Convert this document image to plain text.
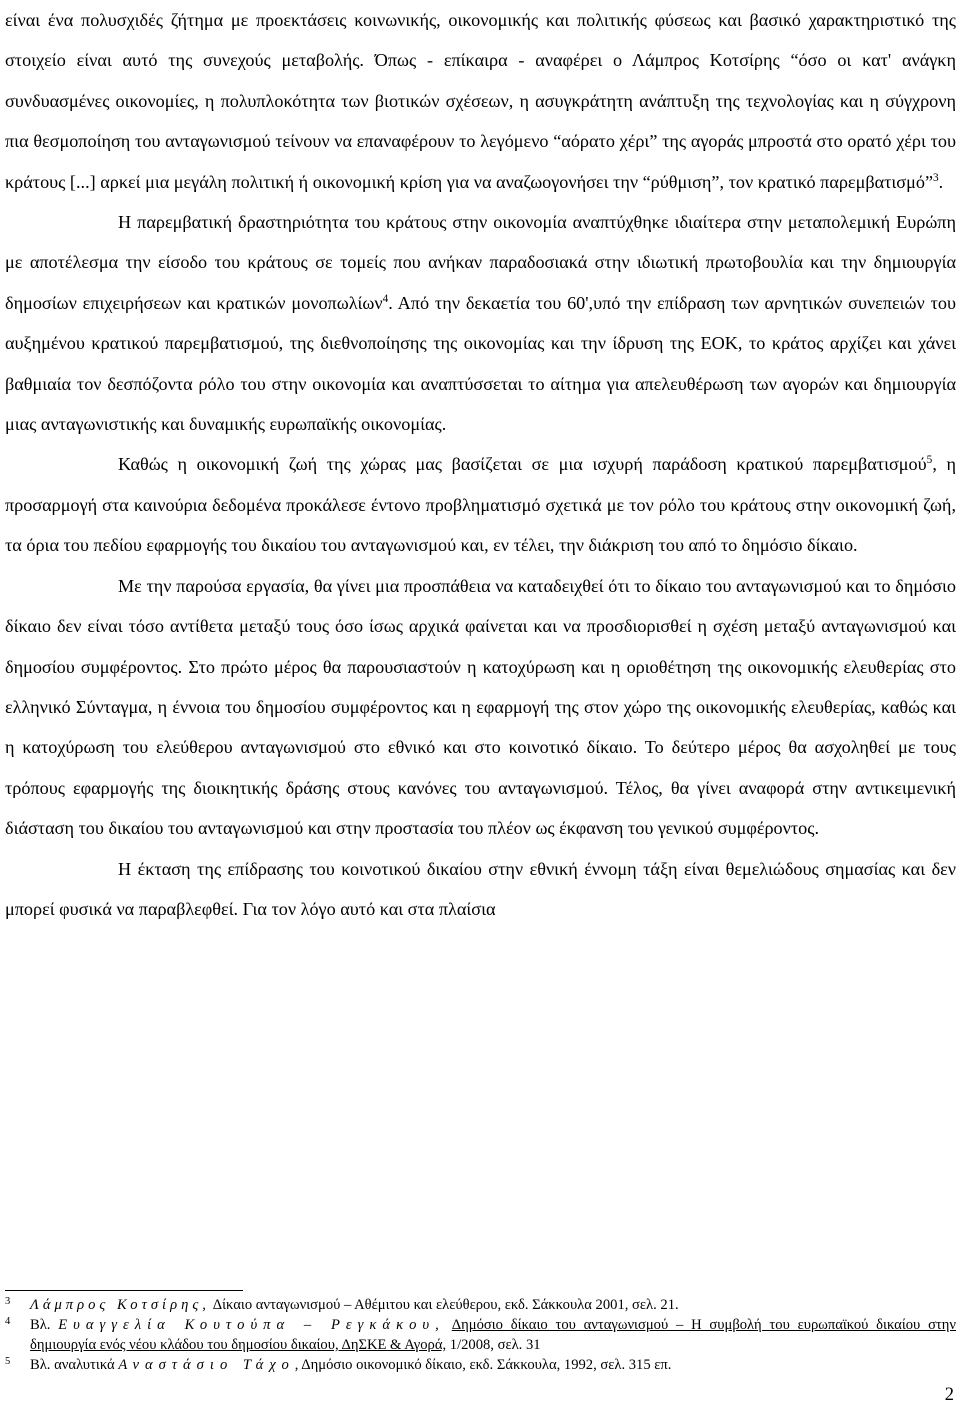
είναι ένα πολυσχιδές ζήτημα με προεκτάσεις κοινωνικής, οικονομικής και πολιτικής φύσεως και βασικό χαρακτηριστικό της στοιχείο είναι αυτό της συνεχούς μεταβολής. Όπως - επίκαιρα - αναφέρει ο Λάμπρος Κοτσίρης “όσο οι κατ' ανάγκη συνδυασμένες οικονομίες, η πολυπλοκότητα των βιοτικών σχέσεων, η ασυγκράτητη ανάπτυξη της τεχνολογίας και η σύγχρονη πια θεσμοποίηση του ανταγωνισμού τείνουν να επαναφέρουν το λεγόμενο “αόρατο χέρι” της αγοράς μπροστά στο ορατό χέρι του κράτους [...] αρκεί μια μεγάλη πολιτική ή οικονομική κρίση για να αναζωογονήσει την “ρύθμιση”, τον κρατικό παρεμβατισμό”$^3$.

Η παρεμβατική δραστηριότητα του κράτους στην οικονομία αναπτύχθηκε ιδιαίτερα στην μεταπολεμική Ευρώπη με αποτέλεσμα την είσοδο του κράτους σε τομείς που ανήκαν παραδοσιακά στην ιδιωτική πρωτοβουλία και την δημιουργία δημοσίων επιχειρήσεων και κρατικών μονοπωλίων$^4$. Από την δεκαετία του 60',υπό την επίδραση των αρνητικών συνεπειών του αυξημένου κρατικού παρεμβατισμού, της διεθνοποίησης της οικονομίας και την ίδρυση της ΕΟΚ, το κράτος αρχίζει και χάνει βαθμιαία τον δεσπόζοντα ρόλο του στην οικονομία και αναπτύσσεται το αίτημα για απελευθέρωση των αγορών και δημιουργία μιας ανταγωνιστικής και δυναμικής ευρωπαϊκής οικονομίας.

Καθώς η οικονομική ζωή της χώρας μας βασίζεται σε μια ισχυρή παράδοση κρατικού παρεμβατισμού$^5$, η προσαρμογή στα καινούρια δεδομένα προκάλεσε έντονο προβληματισμό σχετικά με τον ρόλο του κράτους στην οικονομική ζωή, τα όρια του πεδίου εφαρμογής του δικαίου του ανταγωνισμού και, εν τέλει, την διάκριση του από το δημόσιο δίκαιο.

Με την παρούσα εργασία, θα γίνει μια προσπάθεια να καταδειχθεί ότι το δίκαιο του ανταγωνισμού και το δημόσιο δίκαιο δεν είναι τόσο αντίθετα μεταξύ τους όσο ίσως αρχικά φαίνεται και να προσδιορισθεί η σχέση μεταξύ ανταγωνισμού και δημοσίου συμφέροντος. Στο πρώτο μέρος θα παρουσιαστούν η κατοχύρωση και η οριοθέτηση της οικονομικής ελευθερίας στο ελληνικό Σύνταγμα, η έννοια του δημοσίου συμφέροντος και η εφαρμογή της στον χώρο της οικονομικής ελευθερίας, καθώς και η κατοχύρωση του ελεύθερου ανταγωνισμού στο εθνικό και στο κοινοτικό δίκαιο. Το δεύτερο μέρος θα ασχοληθεί με τους τρόπους εφαρμογής της διοικητικής δράσης στους κανόνες του ανταγωνισμού. Τέλος, θα γίνει αναφορά στην αντικειμενική διάσταση του δικαίου του ανταγωνισμού και στην προστασία του πλέον ως έκφανση του γενικού συμφέροντος.

Η έκταση της επίδρασης του κοινοτικού δικαίου στην εθνική έννομη τάξη είναι θεμελιώδους σημασίας και δεν μπορεί φυσικά να παραβλεφθεί. Για τον λόγο αυτό και στα πλαίσια

3 Λάμπρος Κοτσίρης, Δίκαιο ανταγωνισμού – Αθέμιτου και ελεύθερου, εκδ. Σάκκουλα 2001, σελ. 21.

4 Βλ. Ευαγγελία Κουτούπα – Ρεγκάκου, Δημόσιο δίκαιο του ανταγωνισμού – Η συμβολή του ευρωπαϊκού δικαίου στην δημιουργία ενός νέου κλάδου του δημοσίου δικαίου, ΔηΣΚΕ & Αγορά, 1/2008, σελ. 31

5 Βλ. αναλυτικά Αναστάσιο Τάχο, Δημόσιο οικονομικό δίκαιο, εκδ. Σάκκουλα, 1992, σελ. 315 επ.

2
